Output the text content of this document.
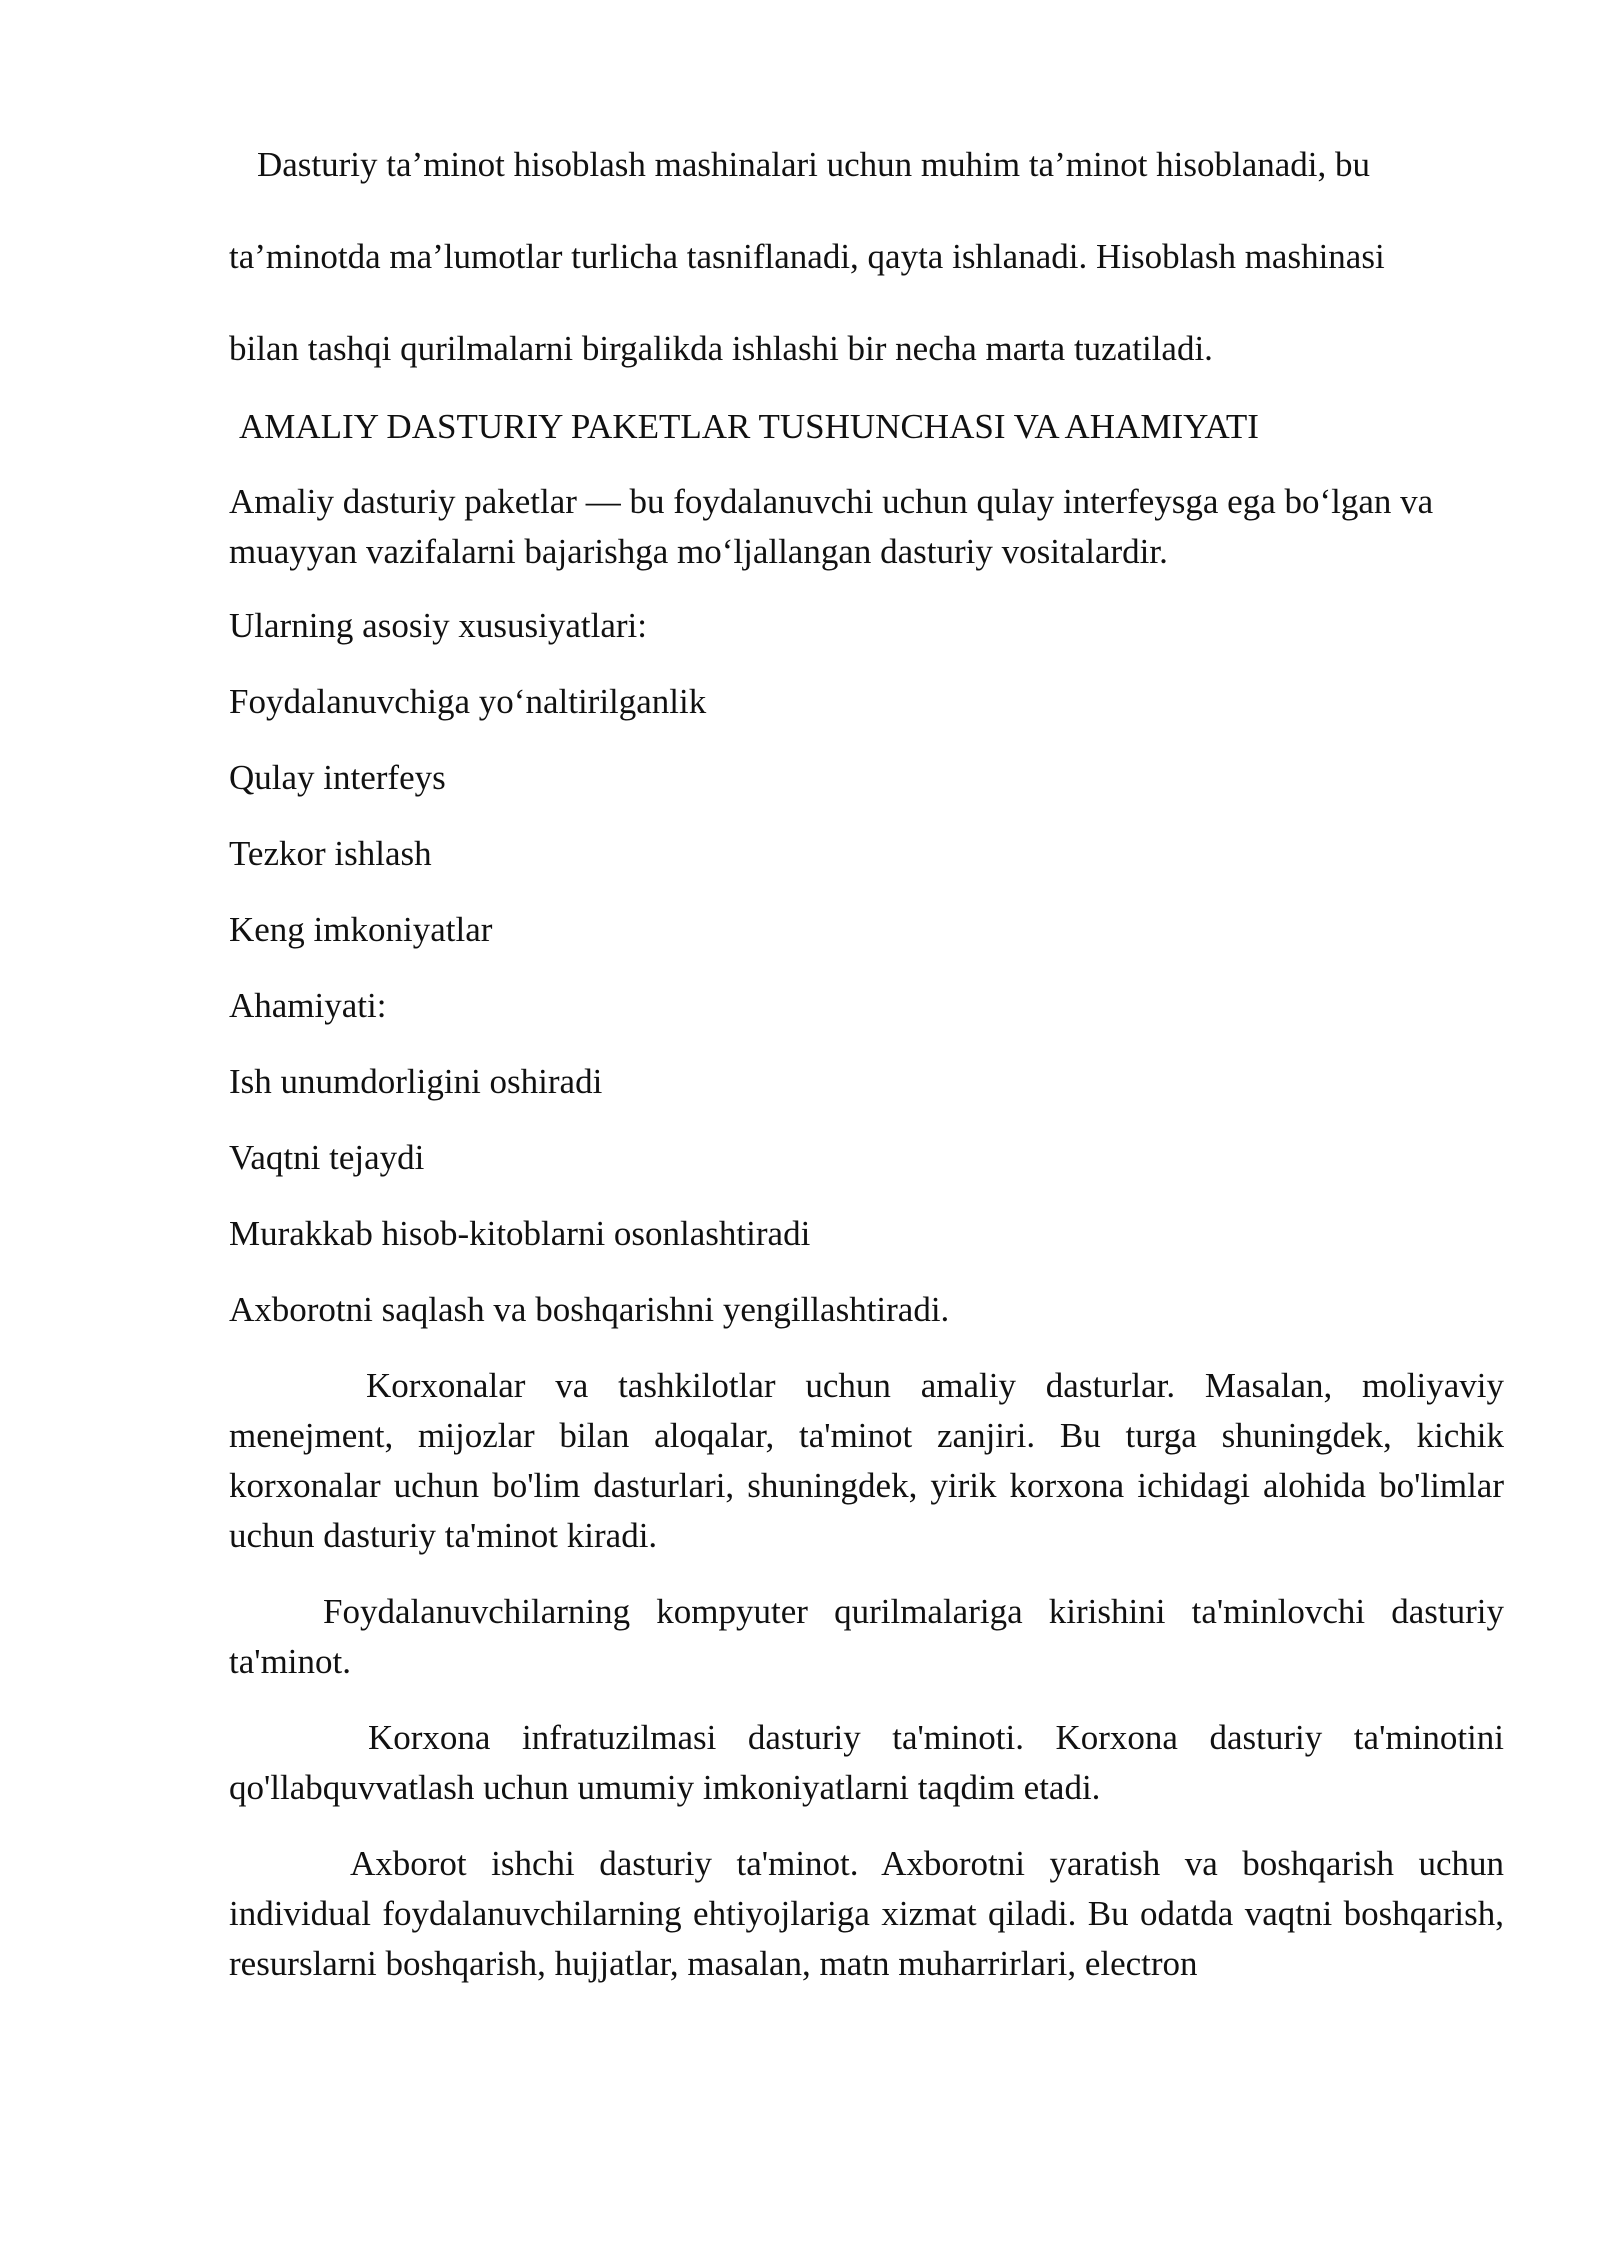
Dasturiy ta’minot hisoblash mashinalari uchun muhim ta’minot hisoblanadi, bu

ta’minotda ma’lumotlar turlicha tasniflanadi, qayta ishlanadi. Hisoblash mashinasi

bilan tashqi qurilmalarni birgalikda ishlashi bir necha marta tuzatiladi.

AMALIY DASTURIY PAKETLAR TUSHUNCHASI VA AHAMIYATI

Amaliy dasturiy paketlar — bu foydalanuvchi uchun qulay interfeysga ega bo‘lgan va muayyan vazifalarni bajarishga mo‘ljallangan dasturiy vositalardir.

Ularning asosiy xususiyatlari:

Foydalanuvchiga yo‘naltirilganlik

Qulay interfeys

Tezkor ishlash

Keng imkoniyatlar

Ahamiyati:

Ish unumdorligini oshiradi

Vaqtni tejaydi

Murakkab hisob-kitoblarni osonlashtiradi

Axborotni saqlash va boshqarishni yengillashtiradi.

Korxonalar va tashkilotlar uchun amaliy dasturlar. Masalan, moliyaviy menejment, mijozlar bilan aloqalar, ta'minot zanjiri. Bu turga shuningdek, kichik korxonalar uchun bo'lim dasturlari, shuningdek, yirik korxona ichidagi alohida bo'limlar uchun dasturiy ta'minot kiradi.

Foydalanuvchilarning kompyuter qurilmalariga kirishini ta'minlovchi dasturiy ta'minot.

Korxona infratuzilmasi dasturiy ta'minoti. Korxona dasturiy ta'minotini qo'llabquvvatlash uchun umumiy imkoniyatlarni taqdim etadi.

Axborot ishchi dasturiy ta'minot. Axborotni yaratish va boshqarish uchun individual foydalanuvchilarning ehtiyojlariga xizmat qiladi. Bu odatda vaqtni boshqarish, resurslarni boshqarish, hujjatlar, masalan, matn muharrirlari, electron
